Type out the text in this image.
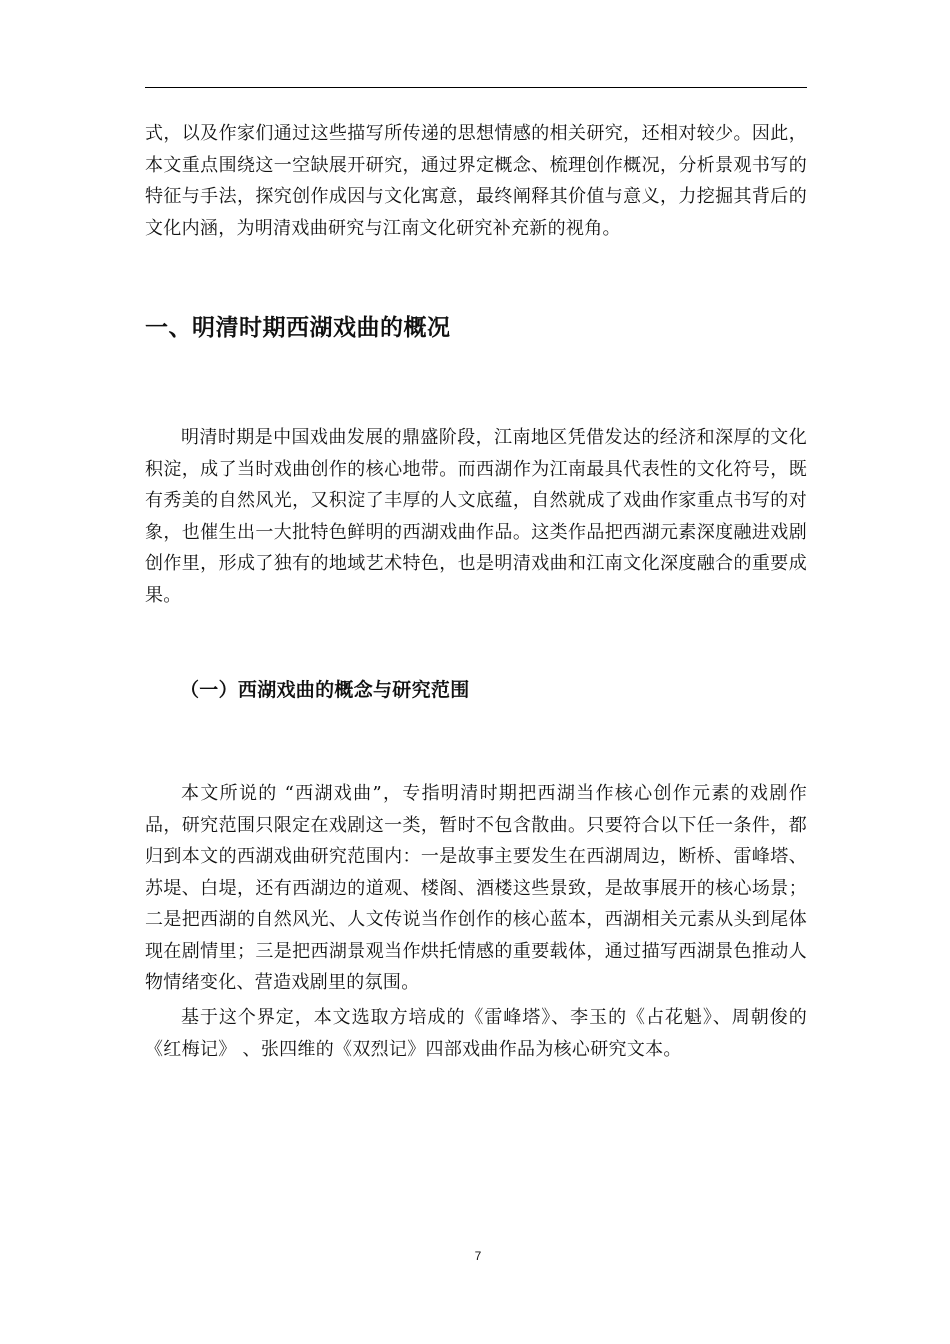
式，以及作家们通过这些描写所传递的思想情感的相关研究，还相对较少。因此，本文重点围绕这一空缺展开研究，通过界定概念、梳理创作概况，分析景观书写的特征与手法，探究创作成因与文化寓意，最终阐释其价值与意义，力挖掘其背后的文化内涵，为明清戏曲研究与江南文化研究补充新的视角。

一、明清时期西湖戏曲的概况

明清时期是中国戏曲发展的鼎盛阶段，江南地区凭借发达的经济和深厚的文化积淀，成了当时戏曲创作的核心地带。而西湖作为江南最具代表性的文化符号，既有秀美的自然风光，又积淀了丰厚的人文底蕴，自然就成了戏曲作家重点书写的对象，也催生出一大批特色鲜明的西湖戏曲作品。这类作品把西湖元素深度融进戏剧创作里，形成了独有的地域艺术特色，也是明清戏曲和江南文化深度融合的重要成果。

（一）西湖戏曲的概念与研究范围

本文所说的 “西湖戏曲”，专指明清时期把西湖当作核心创作元素的戏剧作品，研究范围只限定在戏剧这一类，暂时不包含散曲。只要符合以下任一条件，都归到本文的西湖戏曲研究范围内：一是故事主要发生在西湖周边，断桥、雷峰塔、苏堤、白堤，还有西湖边的道观、楼阁、酒楼这些景致，是故事展开的核心场景；二是把西湖的自然风光、人文传说当作创作的核心蓝本，西湖相关元素从头到尾体现在剧情里；三是把西湖景观当作烘托情感的重要载体，通过描写西湖景色推动人物情绪变化、营造戏剧里的氛围。

基于这个界定，本文选取方培成的《雷峰塔》、李玉的《占花魁》、周朝俊的《红梅记》 、张四维的《双烈记》四部戏曲作品为核心研究文本。

7
